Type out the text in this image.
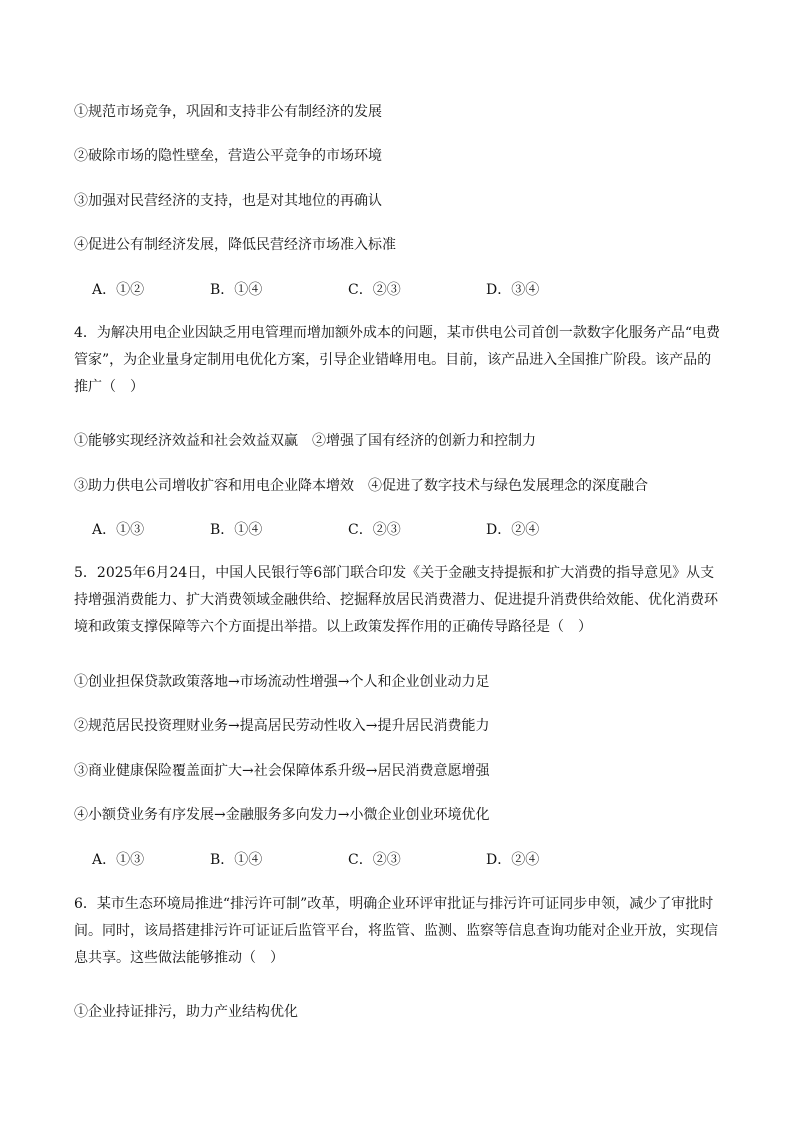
①规范市场竞争，巩固和支持非公有制经济的发展
②破除市场的隐性壁垒，营造公平竞争的市场环境
③加强对民营经济的支持，也是对其地位的再确认
④促进公有制经济发展，降低民营经济市场准入标准
A．①②	B．①④	C．②③	D．③④
4．为解决用电企业因缺乏用电管理而增加额外成本的问题，某市供电公司首创一款数字化服务产品“电费管家”，为企业量身定制用电优化方案，引导企业错峰用电。目前，该产品进入全国推广阶段。该产品的推广（　）
①能够实现经济效益和社会效益双赢　②增强了国有经济的创新力和控制力
③助力供电公司增收扩容和用电企业降本增效　④促进了数字技术与绿色发展理念的深度融合
A．①③	B．①④	C．②③	D．②④
5．2025年6月24日，中国人民银行等6部门联合印发《关于金融支持提振和扩大消费的指导意见》从支持增强消费能力、扩大消费领域金融供给、挖掘释放居民消费潜力、促进提升消费供给效能、优化消费环境和政策支撑保障等六个方面提出举措。以上政策发挥作用的正确传导路径是（　）
①创业担保贷款政策落地→市场流动性增强→个人和企业创业动力足
②规范居民投资理财业务→提高居民劳动性收入→提升居民消费能力
③商业健康保险覆盖面扩大→社会保障体系升级→居民消费意愿增强
④小额贷业务有序发展→金融服务多向发力→小微企业创业环境优化
A．①③	B．①④	C．②③	D．②④
6．某市生态环境局推进“排污许可制”改革，明确企业环评审批证与排污许可证同步申领，减少了审批时间。同时，该局搭建排污许可证证后监管平台，将监管、监测、监察等信息查询功能对企业开放，实现信息共享。这些做法能够推动（　）
①企业持证排污，助力产业结构优化
